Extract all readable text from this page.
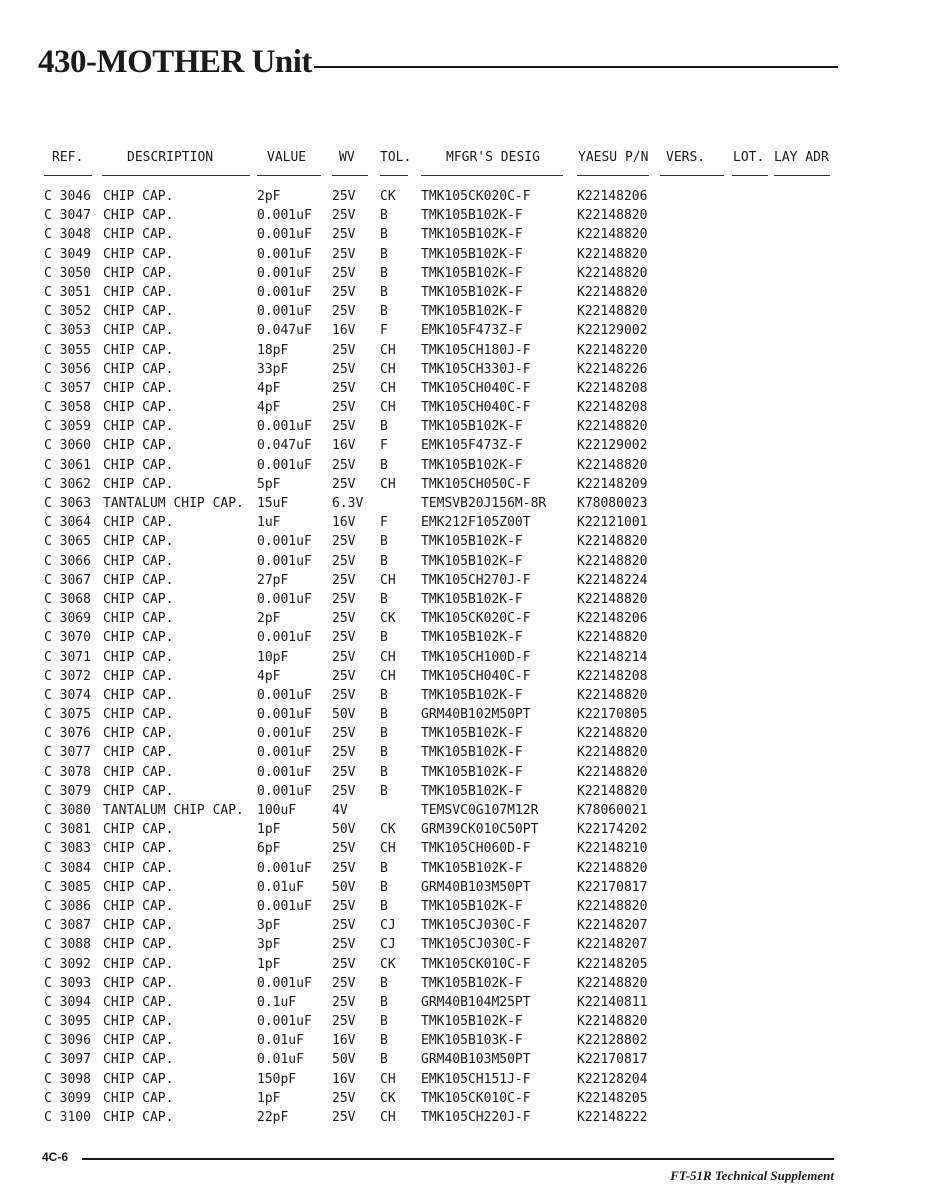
430-MOTHER Unit
REF.	DESCRIPTION	VALUE	WV TOL.	MFGR'S DESIG	YAESU P/N VERS. LOT. LAY ADR
C 3046 CHIP CAP.	2pF	25V CK TMK105CK020C-F	K22148206
C 3047 CHIP CAP.	0.001uF 25V B	TMK105B102K-F	K22148820
C 3048 CHIP CAP.	0.001uF 25V B	TMK105B102K-F	K22148820
C 3049 CHIP CAP.	0.001uF 25V B	TMK105B102K-F	K22148820
C 3050 CHIP CAP.	0.001uF 25V B	TMK105B102K-F	K22148820
C 3051 CHIP CAP.	0.001uF 25V B	TMK105B102K-F	K22148820
C 3052 CHIP CAP.	0.001uF 25V B	TMK105B102K-F	K22148820
C 3053 CHIP CAP.	0.047uF 16V F	EMK105F473Z-F	K22129002
C 3055 CHIP CAP.	18pF	25V CH TMK105CH180J-F	K22148220
C 3056 CHIP CAP.	33pF	25V CH TMK105CH330J-F	K22148226
C 3057 CHIP CAP.	4pF	25V CH TMK105CH040C-F	K22148208
C 3058 CHIP CAP.	4pF	25V CH TMK105CH040C-F	K22148208
C 3059 CHIP CAP.	0.001uF 25V B	TMK105B102K-F	K22148820
C 3060 CHIP CAP.	0.047uF 16V F	EMK105F473Z-F	K22129002
C 3061 CHIP CAP.	0.001uF 25V B	TMK105B102K-F	K22148820
C 3062 CHIP CAP.	5pF	25V CH TMK105CH050C-F	K22148209
C 3063 TANTALUM CHIP CAP. 15uF	6.3V	TEMSVB20J156M-8R K78080023
C 3064 CHIP CAP.	1uF	16V F	EMK212F105Z00T	K22121001
C 3065 CHIP CAP.	0.001uF 25V B	TMK105B102K-F	K22148820
C 3066 CHIP CAP.	0.001uF 25V B	TMK105B102K-F	K22148820
C 3067 CHIP CAP.	27pF	25V CH TMK105CH270J-F	K22148224
C 3068 CHIP CAP.	0.001uF 25V B	TMK105B102K-F	K22148820
C 3069 CHIP CAP.	2pF	25V CK TMK105CK020C-F	K22148206
C 3070 CHIP CAP.	0.001uF 25V B	TMK105B102K-F	K22148820
C 3071 CHIP CAP.	10pF	25V CH TMK105CH100D-F	K22148214
C 3072 CHIP CAP.	4pF	25V CH TMK105CH040C-F	K22148208
C 3074 CHIP CAP.	0.001uF 25V B	TMK105B102K-F	K22148820
C 3075 CHIP CAP.	0.001uF 50V B	GRM40B102M50PT	K22170805
C 3076 CHIP CAP.	0.001uF 25V B	TMK105B102K-F	K22148820
C 3077 CHIP CAP.	0.001uF 25V B	TMK105B102K-F	K22148820
C 3078 CHIP CAP.	0.001uF 25V B	TMK105B102K-F	K22148820
C 3079 CHIP CAP.	0.001uF 25V B	TMK105B102K-F	K22148820
C 3080 TANTALUM CHIP CAP. 100uF	4V	TEMSVC0G107M12R	K78060021
C 3081 CHIP CAP.	1pF	50V CK GRM39CK010C50PT	K22174202
C 3083 CHIP CAP.	6pF	25V CH TMK105CH060D-F	K22148210
C 3084 CHIP CAP.	0.001uF 25V B	TMK105B102K-F	K22148820
C 3085 CHIP CAP.	0.01uF 50V B	GRM40B103M50PT	K22170817
C 3086 CHIP CAP.	0.001uF 25V B	TMK105B102K-F	K22148820
C 3087 CHIP CAP.	3pF	25V CJ TMK105CJ030C-F	K22148207
C 3088 CHIP CAP.	3pF	25V CJ TMK105CJ030C-F	K22148207
C 3092 CHIP CAP.	1pF	25V CK TMK105CK010C-F	K22148205
C 3093 CHIP CAP.	0.001uF 25V B	TMK105B102K-F	K22148820
C 3094 CHIP CAP.	0.1uF	25V B	GRM40B104M25PT	K22140811
C 3095 CHIP CAP.	0.001uF 25V B	TMK105B102K-F	K22148820
C 3096 CHIP CAP.	0.01uF 16V B	EMK105B103K-F	K22128802
C 3097 CHIP CAP.	0.01uF 50V B	GRM40B103M50PT	K22170817
C 3098 CHIP CAP.	150pF	16V CH EMK105CH151J-F	K22128204
C 3099 CHIP CAP.	1pF	25V CK TMK105CK010C-F	K22148205
C 3100 CHIP CAP.	22pF	25V CH TMK105CH220J-F	K22148222
4C-6
FT-51R Technical Supplement
